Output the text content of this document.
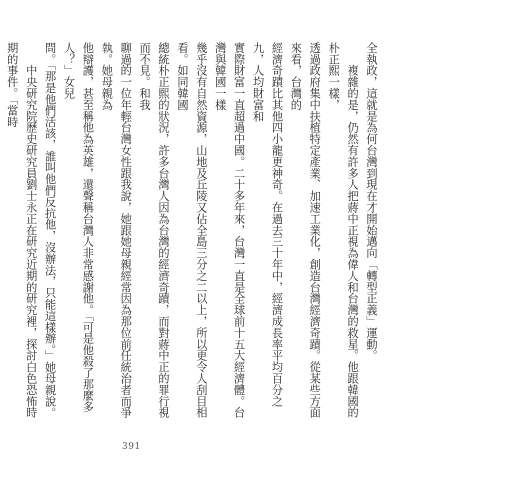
全執政，這就是為何台灣到現在才開始邁向「轉型正義」運動。

　　複雜的是，仍然有許多人把蔣中正視為偉人和台灣的救星。他跟韓國的朴正熙一樣，

透過政府集中扶植特定產業、加速工業化，創造台灣經濟奇蹟。從某些方面來看，台灣的

經濟奇蹟比其他四小龍更神奇。在過去三十年中，經濟成長率平均百分之九，人均財富和

實際財富一直超過中國。二十多年來，台灣一直是全球前十五大經濟體。台灣與韓國一樣

幾乎沒有自然資源，山地及丘陵又佔全島三分之二以上，所以更令人刮目相看。如同韓國

總統朴正熙的狀況，許多台灣人因為台灣的經濟奇蹟，而對蔣中正的罪行視而不見。和我

聊過的一位年輕台灣女性跟我說，她跟她母親經常因為那位前任統治者而爭執。她母親為

他辯護，甚至稱他為英雄，還聲稱台灣人非常感謝他。「可是他殺了那麼多人？」女兒

問。「那是他們活該，誰叫他們反抗他，沒辦法，只能這樣辦。」她母親說。

　　中央研究院歷史研究員劉士永正在研究近期的研究裡，探討白色恐怖時期的事件。「當時

391
